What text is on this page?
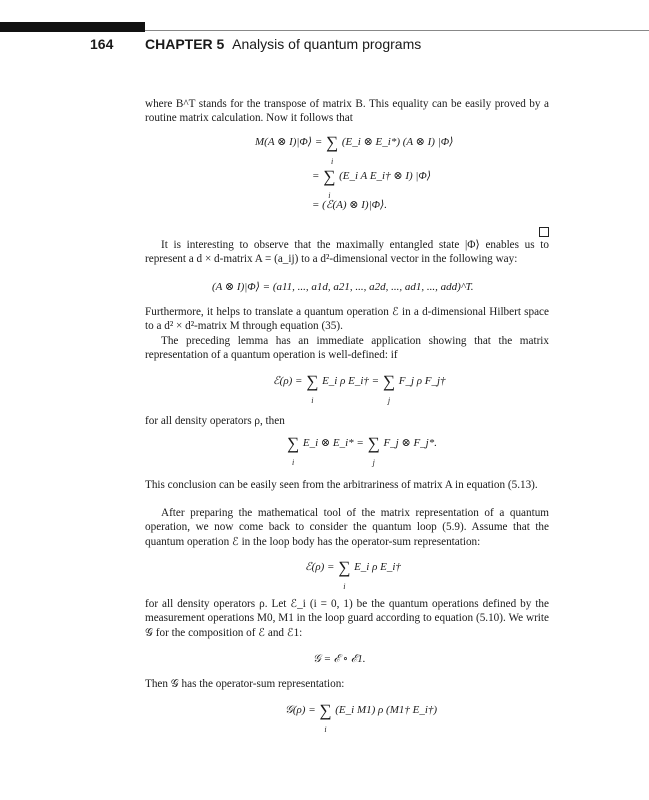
164 CHAPTER 5 Analysis of quantum programs

where B^T stands for the transpose of matrix B. This equality can be easily proved by a routine matrix calculation. Now it follows that

M(A ⊗ I)|Φ⟩ = ∑
i
(E_i ⊗ E_i*) (A ⊗ I) |Φ⟩
= ∑
i
(E_i A E_i† ⊗ I) |Φ⟩
= (ℰ(A) ⊗ I)|Φ⟩.

It is interesting to observe that the maximally entangled state |Φ⟩ enables us to represent a d × d-matrix A = (a_ij) to a d²-dimensional vector in the following way:

(A ⊗ I)|Φ⟩ = (a11, ..., a1d, a21, ..., a2d, ..., ad1, ..., add)^T.

Furthermore, it helps to translate a quantum operation ℰ in a d-dimensional Hilbert space to a d² × d²-matrix M through equation (35).

The preceding lemma has an immediate application showing that the matrix representation of a quantum operation is well-defined: if

ℰ(ρ) = ∑
i
E_i ρ E_i† = ∑
j
F_j ρ F_j†

for all density operators ρ, then

∑
i
E_i ⊗ E_i* = ∑
j
F_j ⊗ F_j*.

This conclusion can be easily seen from the arbitrariness of matrix A in equation (5.13).

After preparing the mathematical tool of the matrix representation of a quantum operation, we now come back to consider the quantum loop (5.9). Assume that the quantum operation ℰ in the loop body has the operator-sum representation:

ℰ(ρ) = ∑
i
E_i ρ E_i†

for all density operators ρ. Let ℰ_i (i = 0, 1) be the quantum operations defined by the measurement operations M0, M1 in the loop guard according to equation (5.10). We write 𝒢 for the composition of ℰ and ℰ1:

𝒢 = ℰ ∘ ℰ1.

Then 𝒢 has the operator-sum representation:

𝒢(ρ) = ∑
i
(E_i M1) ρ (M1† E_i†)
